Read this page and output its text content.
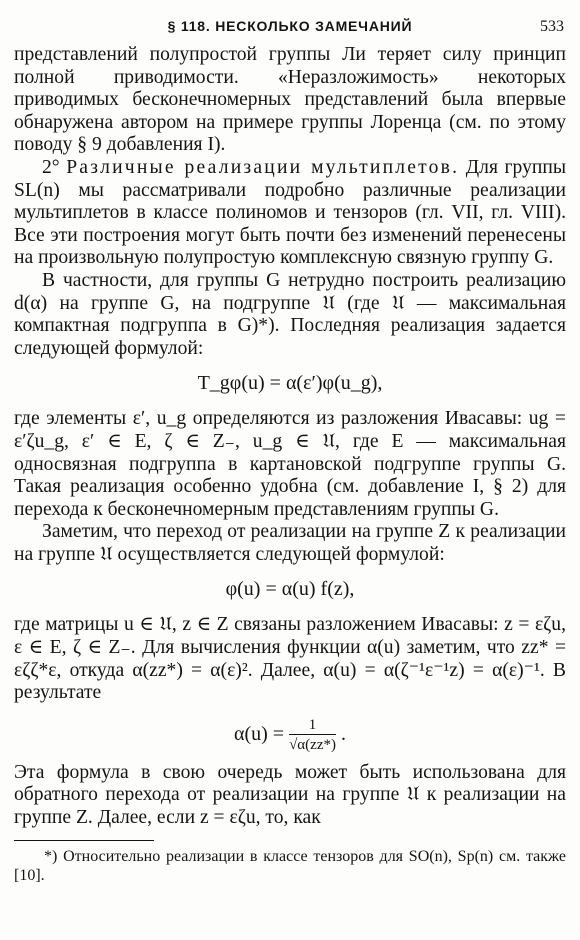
§ 118. НЕСКОЛЬКО ЗАМЕЧАНИЙ	533

представлений полупростой группы Ли теряет силу принцип полной приводимости. «Неразложимость» некоторых приводимых бесконечномерных представлений была впервые обнаружена автором на примере группы Лоренца (см. по этому поводу § 9 добавления I).

2° Различные реализации мультиплетов. Для группы SL(n) мы рассматривали подробно различные реализации мультиплетов в классе полиномов и тензоров (гл. VII, гл. VIII). Все эти построения могут быть почти без изменений перенесены на произвольную полупростую комплексную связную группу G.

В частности, для группы G нетрудно построить реализацию d(α) на группе G, на подгруппе 𝔘 (где 𝔘 — максимальная компактная подгруппа в G)*). Последняя реализация задается следующей формулой:

T_gφ(u) = α(ε′)φ(u_g),

где элементы ε′, u_g определяются из разложения Ивасавы: ug = ε′ζu_g, ε′ ∈ E, ζ ∈ Z₋, u_g ∈ 𝔘, где E — максимальная односвязная подгруппа в картановской подгруппе группы G. Такая реализация особенно удобна (см. добавление I, § 2) для перехода к бесконечномерным представлениям группы G.

Заметим, что переход от реализации на группе Z к реализации на группе 𝔘 осуществляется следующей формулой:

φ(u) = α(u) f(z),

где матрицы u ∈ 𝔘, z ∈ Z связаны разложением Ивасавы: z = εζu, ε ∈ E, ζ ∈ Z₋. Для вычисления функции α(u) заметим, что zz* = εζζ*ε, откуда α(zz*) = α(ε)². Далее, α(u) = α(ζ⁻¹ε⁻¹z) = α(ε)⁻¹. В результате

$\alpha(u) = \frac{1}{√\alpha(zz*)}$ .

Эта формула в свою очередь может быть использована для обратного перехода от реализации на группе 𝔘 к реализации на группе Z. Далее, если z = εζu, то, как

*) Относительно реализации в классе тензоров для SO(n), Sp(n) см. также [10].
